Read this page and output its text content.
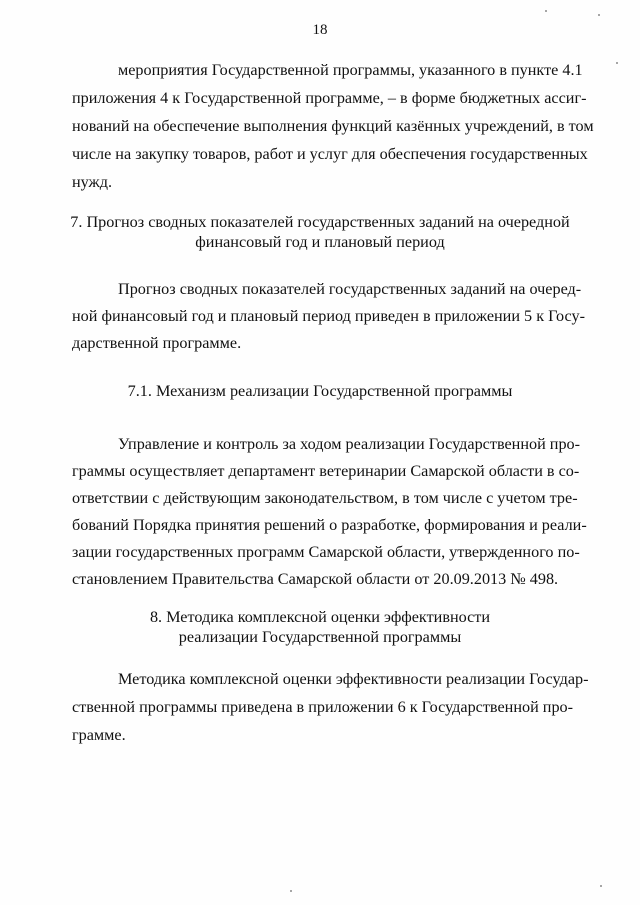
18
мероприятия Государственной программы, указанного в пункте 4.1
приложения 4 к Государственной программе, – в форме бюджетных ассиг-
нований на обеспечение выполнения функций казённых учреждений, в том
числе на закупку товаров, работ и услуг для обеспечения государственных
нужд.
7. Прогноз сводных показателей государственных заданий на очередной
финансовый год и плановый период
Прогноз сводных показателей государственных заданий на очеред-
ной финансовый год и плановый период приведен в приложении 5 к Госу-
дарственной программе.
7.1. Механизм реализации Государственной программы
Управление и контроль за ходом реализации Государственной про-
граммы осуществляет департамент ветеринарии Самарской области в со-
ответствии с действующим законодательством, в том числе с учетом тре-
бований Порядка принятия решений о разработке, формирования и реали-
зации государственных программ Самарской области, утвержденного по-
становлением Правительства Самарской области от 20.09.2013 № 498.
8. Методика комплексной оценки эффективности
реализации Государственной программы
Методика комплексной оценки эффективности реализации Государ-
ственной программы приведена в приложении 6 к Государственной про-
грамме.
